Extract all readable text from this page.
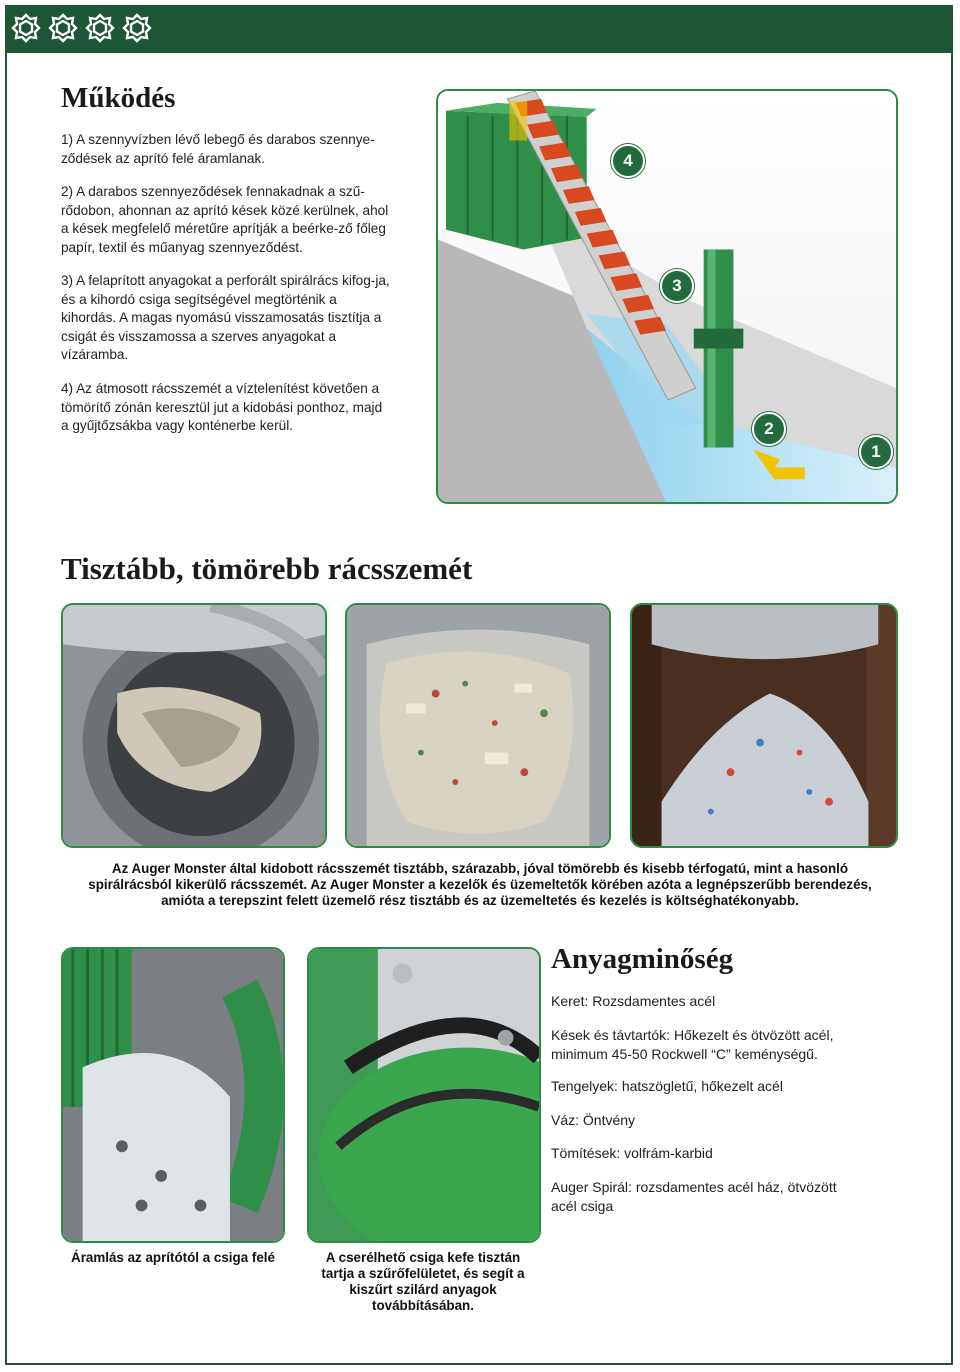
Működés

1) A szennyvízben lévő lebegő és darabos szennye-ződések az aprító felé áramlanak.

2) A darabos szennyeződések fennakadnak a szű-rődobon, ahonnan az aprító kések közé kerülnek, ahol a kések megfelelő méretűre aprítják a beérke-ző főleg papír, textil és műanyag szennyeződést.

3) A felaprított anyagokat a perforált spirálrács kifog-ja, és a kihordó csiga segítségével megtörténik a kihordás. A magas nyomású visszamosatás tisztítja a csigát és visszamossa a szerves anyagokat a vízáramba.

4) Az átmosott rácsszemét a víztelenítést követően a tömörítő zónán keresztül jut a kidobási ponthoz, majd a gyűjtőzsákba vagy konténerbe kerül.

4
3
2
1
Tisztább, tömörebb rácsszemét

Az Auger Monster által kidobott rácsszemét tisztább, szárazabb, jóval tömörebb és kisebb térfogatú, mint a hasonló spirálrácsból kikerülő rácsszemét. Az Auger Monster a kezelők és üzemeltetők körében azóta a legnépszerűbb berendezés, amióta a terepszint felett üzemelő rész tisztább és az üzemeltetés és kezelés is költséghatékonyabb.

Anyagminőség

Keret: Rozsdamentes acél

Kések és távtartók: Hőkezelt és ötvözött acél, minimum 45-50 Rockwell “C” keménységű.

Tengelyek: hatszögletű, hőkezelt acél

Váz: Öntvény

Tömítések: volfrám-karbid

Auger Spirál: rozsdamentes acél ház, ötvözött acél csiga

Áramlás az aprítótól a csiga felé	A cserélhető csiga kefe tisztán tartja a szűrőfelületet, és segít a kiszűrt szilárd anyagok továbbításában.
